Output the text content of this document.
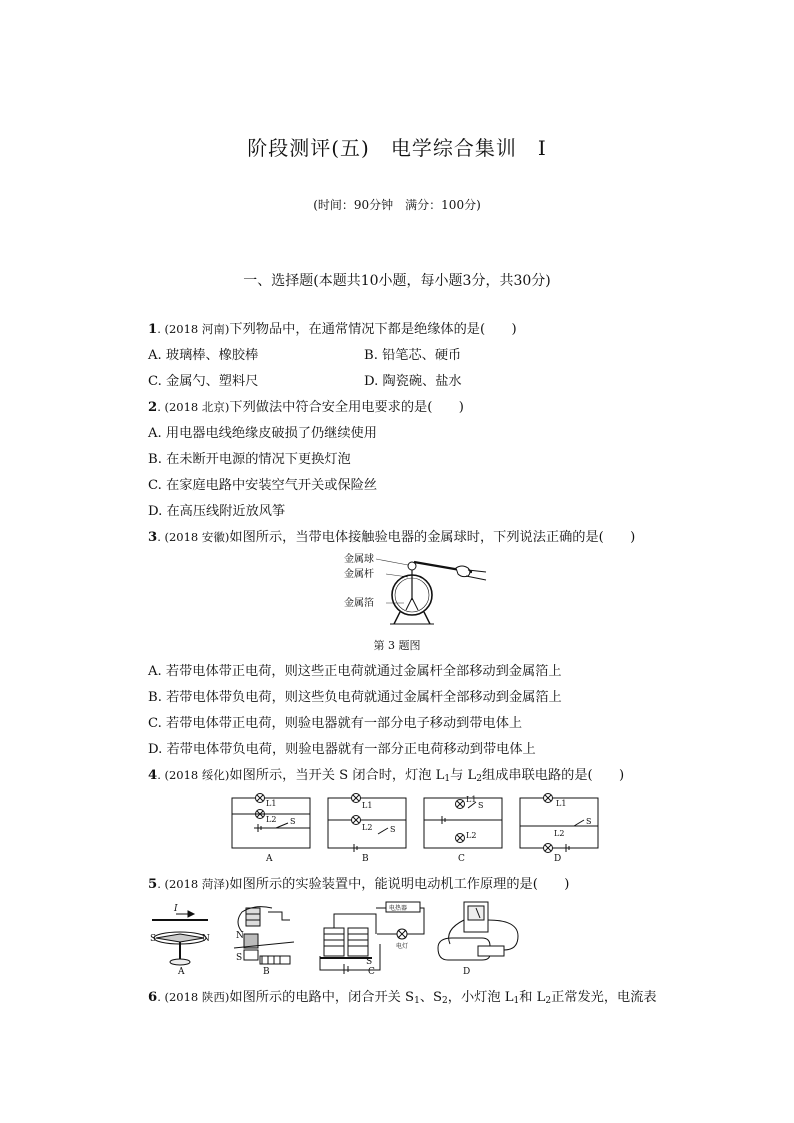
阶段测评(五)　电学综合集训　Ⅰ
(时间：90分钟　满分：100分)
一、选择题(本题共10小题，每小题3分，共30分)
1. (2018 河南)下列物品中，在通常情况下都是绝缘体的是(　　)
A. 玻璃棒、橡胶棒	B. 铅笔芯、硬币
C. 金属勺、塑料尺	D. 陶瓷碗、盐水
2. (2018 北京)下列做法中符合安全用电要求的是(　　)
A. 用电器电线绝缘皮破损了仍继续使用
B. 在未断开电源的情况下更换灯泡
C. 在家庭电路中安装空气开关或保险丝
D. 在高压线附近放风筝
3. (2018 安徽)如图所示，当带电体接触验电器的金属球时，下列说法正确的是(　　)
金属球
金属杆
金属箔
第 3 题图
A. 若带电体带正电荷，则这些正电荷就通过金属杆全部移动到金属箔上
B. 若带电体带负电荷，则这些负电荷就通过金属杆全部移动到金属箔上
C. 若带电体带正电荷，则验电器就有一部分电子移动到带电体上
D. 若带电体带负电荷，则验电器就有一部分正电荷移动到带电体上
4. (2018 绥化)如图所示，当开关 S 闭合时，灯泡 $L_1$与 $L_2$组成串联电路的是(　　)
L1
L2 S
L1
L2 S
L1
L2
S	L1
L2
S
A	B	C	D
5. (2018 菏泽)如图所示的实验装置中，能说明电动机工作原理的是(　　)
I
S	N	N
S	S
电热器
电灯
A	B	C	D
6. (2018 陕西)如图所示的电路中，闭合开关 $S_1$、$S_2$，小灯泡 $L_1$和 $L_2$正常发光，电流表
